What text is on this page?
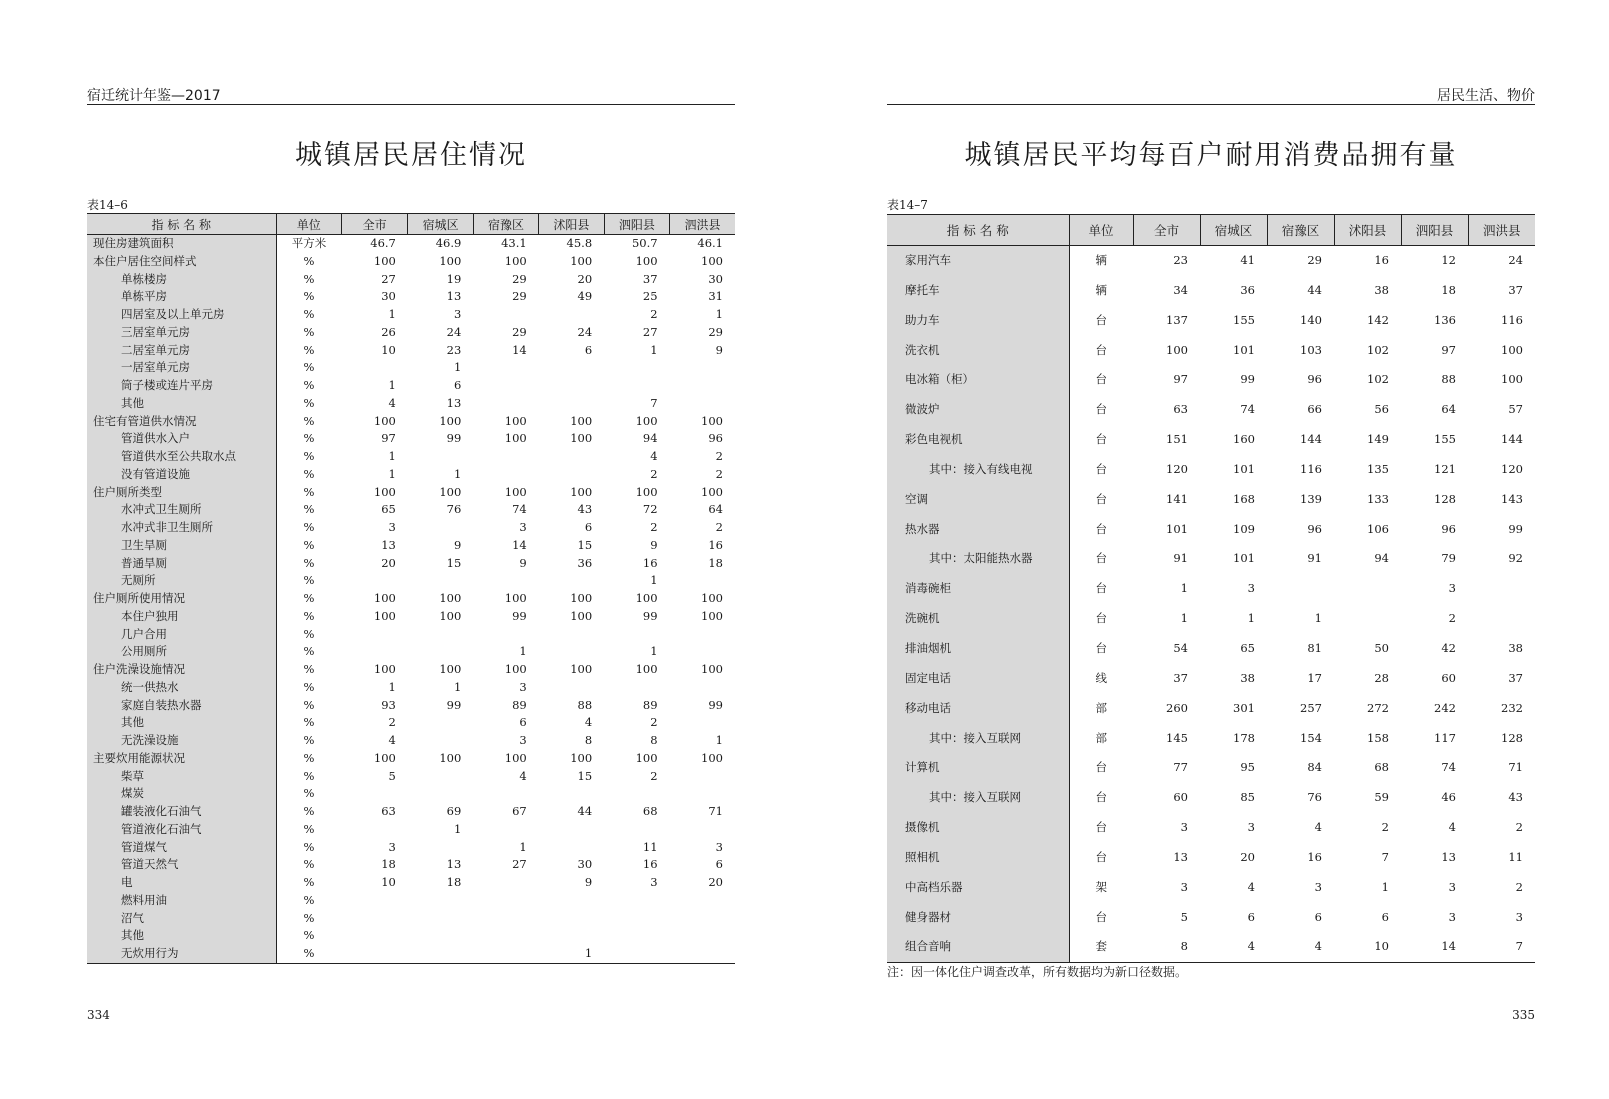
宿迁统计年鉴—2017
城镇居民居住情况
表14–6
指 标 名 称	单位	全市	宿城区	宿豫区	沭阳县	泗阳县	泗洪县
现住房建筑面积	平方米	46.7	46.9	43.1	45.8	50.7	46.1
本住户居住空间样式	%	100	100	100	100	100	100
单栋楼房	%	27	19	29	20	37	30
单栋平房	%	30	13	29	49	25	31
四居室及以上单元房	%	1	3			2	1
三居室单元房	%	26	24	29	24	27	29
二居室单元房	%	10	23	14	6	1	9
一居室单元房	%		1				
筒子楼或连片平房	%	1	6				
其他	%	4	13			7	
住宅有管道供水情况	%	100	100	100	100	100	100
管道供水入户	%	97	99	100	100	94	96
管道供水至公共取水点	%	1				4	2
没有管道设施	%	1	1			2	2
住户厕所类型	%	100	100	100	100	100	100
水冲式卫生厕所	%	65	76	74	43	72	64
水冲式非卫生厕所	%	3		3	6	2	2
卫生旱厕	%	13	9	14	15	9	16
普通旱厕	%	20	15	9	36	16	18
无厕所	%					1	
住户厕所使用情况	%	100	100	100	100	100	100
本住户独用	%	100	100	99	100	99	100
几户合用	%						
公用厕所	%			1		1	
住户洗澡设施情况	%	100	100	100	100	100	100
统一供热水	%	1	1	3			
家庭自装热水器	%	93	99	89	88	89	99
其他	%	2		6	4	2	
无洗澡设施	%	4		3	8	8	1
主要炊用能源状况	%	100	100	100	100	100	100
柴草	%	5		4	15	2	
煤炭	%						
罐装液化石油气	%	63	69	67	44	68	71
管道液化石油气	%		1				
管道煤气	%	3		1		11	3
管道天然气	%	18	13	27	30	16	6
电	%	10	18		9	3	20
燃料用油	%						
沼气	%						
其他	%						
无炊用行为	%				1		
334
居民生活、物价
城镇居民平均每百户耐用消费品拥有量
表14–7
指 标 名 称	单位	全市	宿城区	宿豫区	沭阳县	泗阳县	泗洪县
家用汽车	辆	23	41	29	16	12	24
摩托车	辆	34	36	44	38	18	37
助力车	台	137	155	140	142	136	116
洗衣机	台	100	101	103	102	97	100
电冰箱（柜）	台	97	99	96	102	88	100
微波炉	台	63	74	66	56	64	57
彩色电视机	台	151	160	144	149	155	144
其中：接入有线电视	台	120	101	116	135	121	120
空调	台	141	168	139	133	128	143
热水器	台	101	109	96	106	96	99
其中：太阳能热水器	台	91	101	91	94	79	92
消毒碗柜	台	1	3			3	
洗碗机	台	1	1	1		2	
排油烟机	台	54	65	81	50	42	38
固定电话	线	37	38	17	28	60	37
移动电话	部	260	301	257	272	242	232
其中：接入互联网	部	145	178	154	158	117	128
计算机	台	77	95	84	68	74	71
其中：接入互联网	台	60	85	76	59	46	43
摄像机	台	3	3	4	2	4	2
照相机	台	13	20	16	7	13	11
中高档乐器	架	3	4	3	1	3	2
健身器材	台	5	6	6	6	3	3
组合音响	套	8	4	4	10	14	7
注：因一体化住户调查改革，所有数据均为新口径数据。
335
